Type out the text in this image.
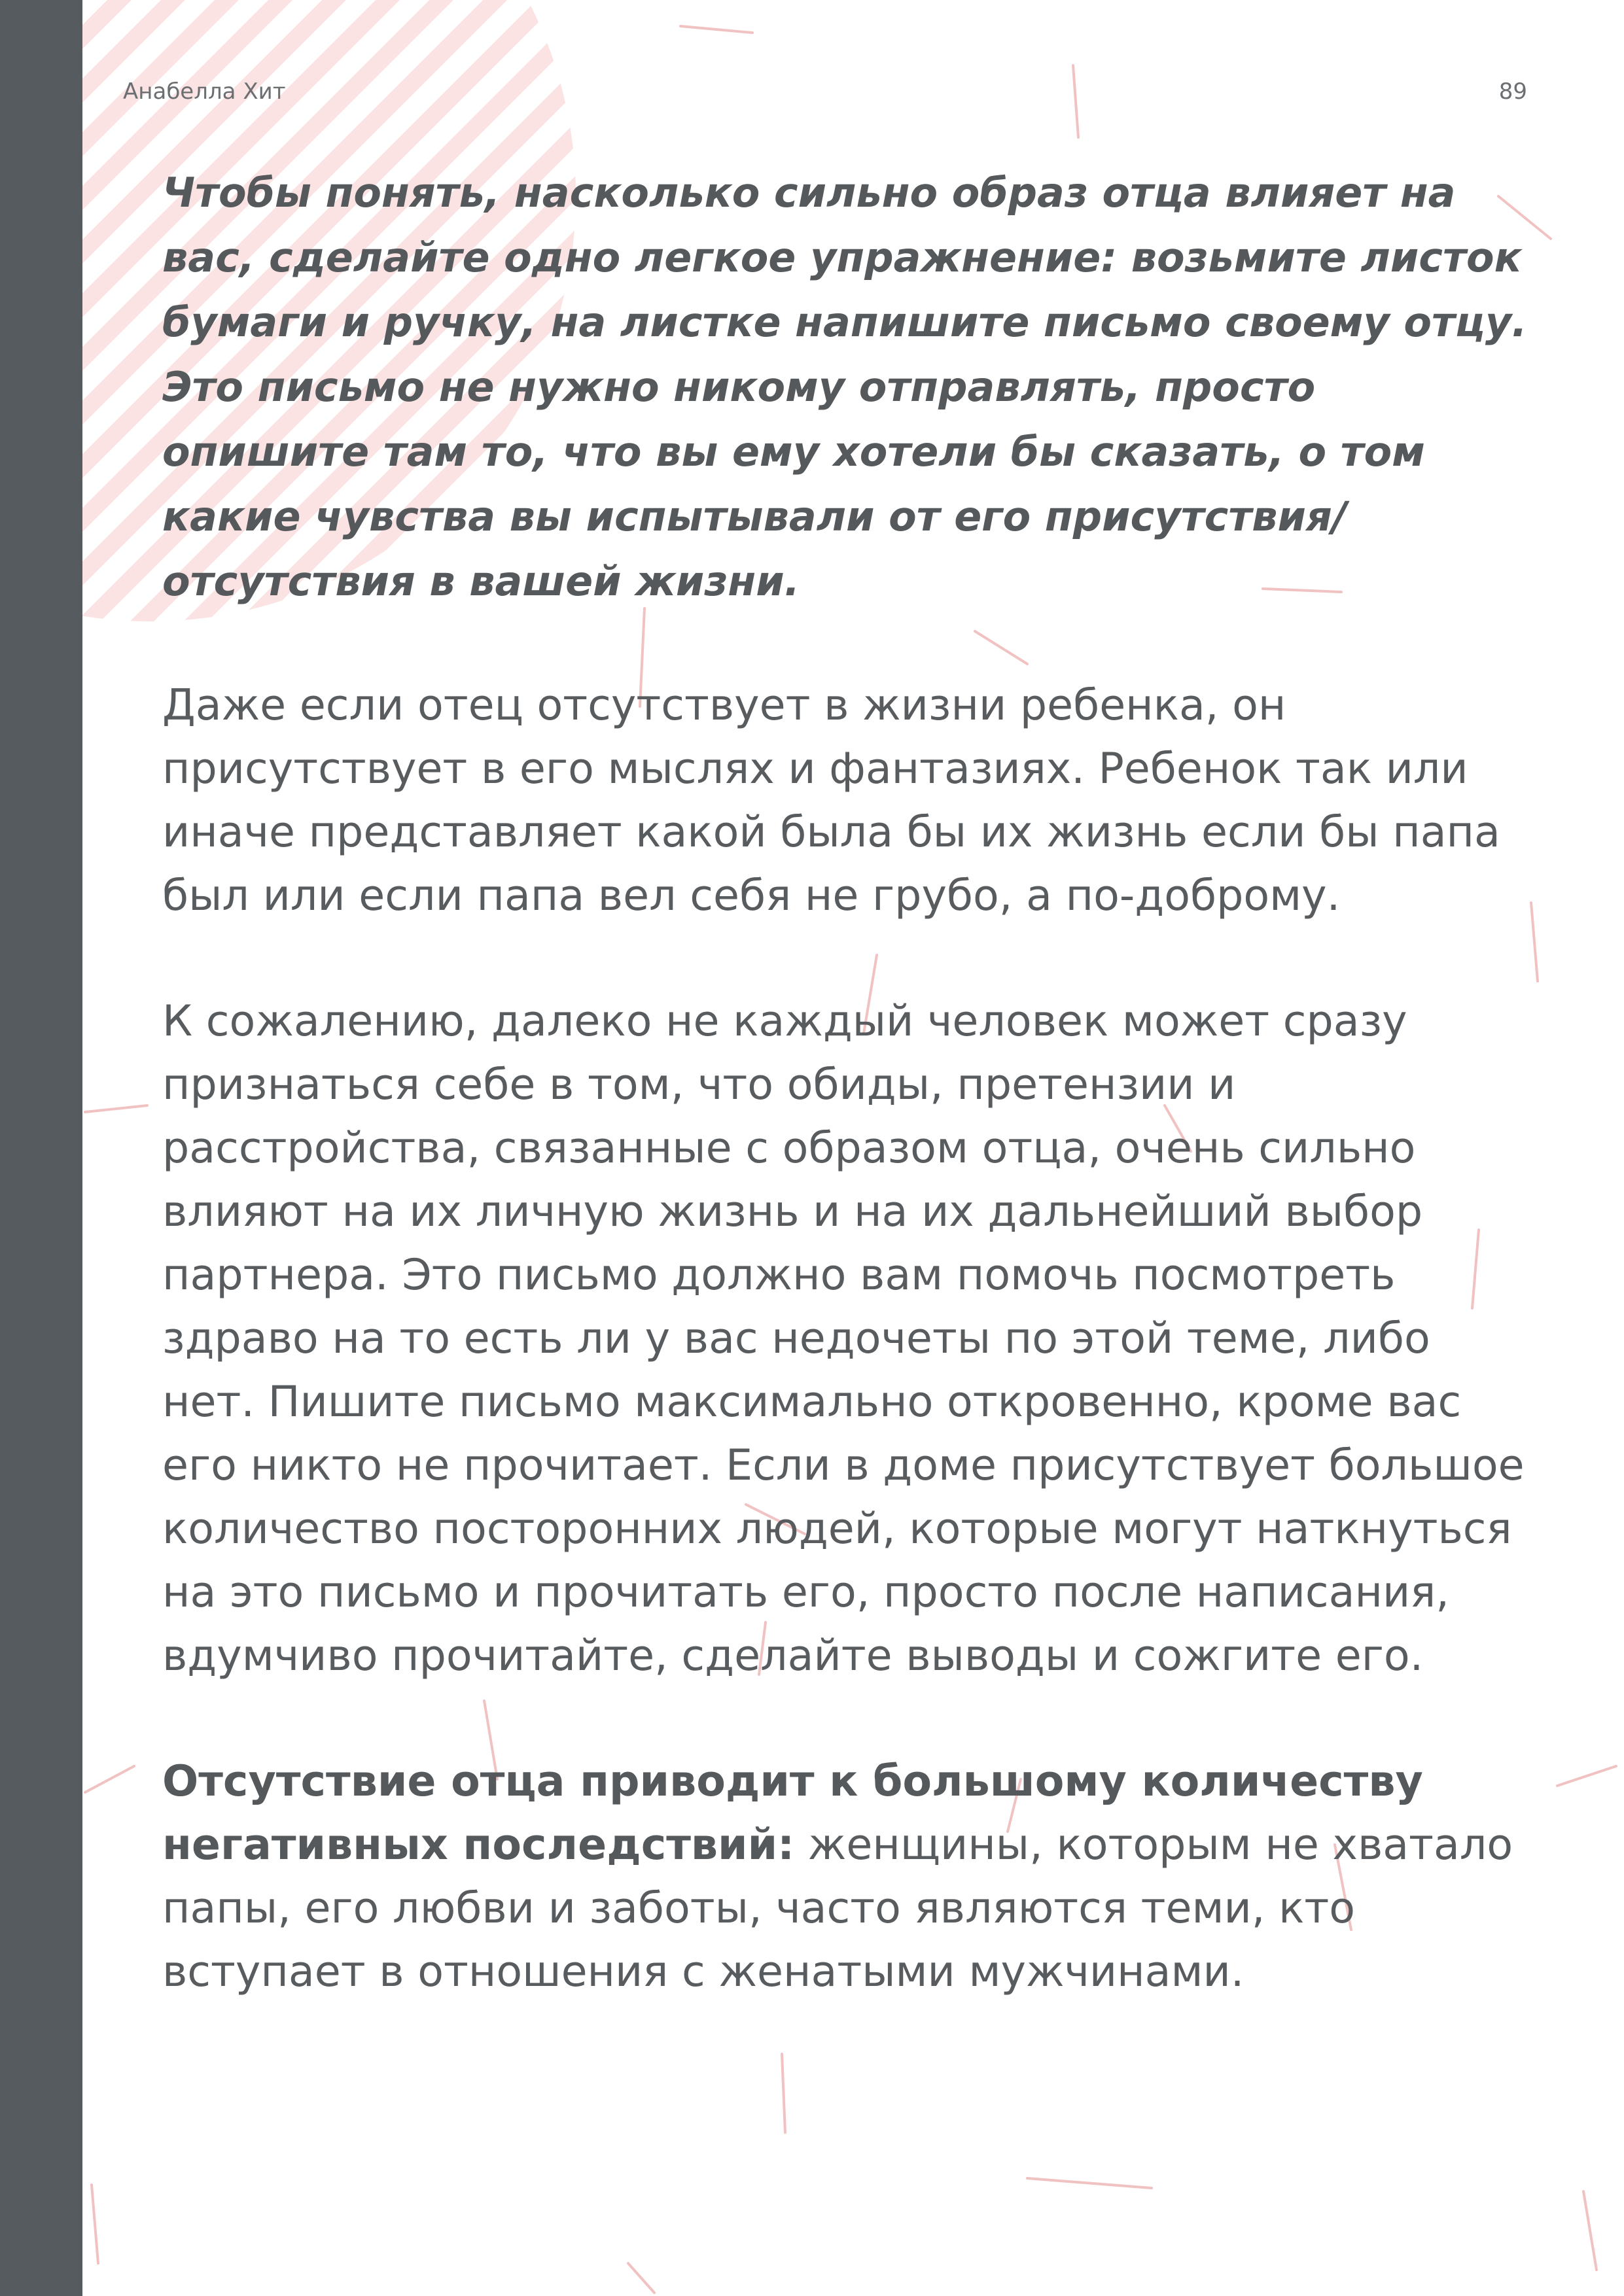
Анабелла Хит	89

Чтобы понять, насколько сильно образ отца влияет на вас, сделайте одно легкое упражнение: возьмите листок бумаги и ручку, на листке напишите письмо своему отцу. Это письмо не нужно никому отправлять, просто опишите там то, что вы ему хотели бы сказать, о том какие чувства вы испытывали от его присутствия/отсутствия в вашей жизни.

Даже если отец отсутствует в жизни ребенка, он присутствует в его мыслях и фантазиях. Ребенок так или иначе представляет какой была бы их жизнь если бы папа был или если папа вел себя не грубо, а по-доброму.

К сожалению, далеко не каждый человек может сразу признаться себе в том, что обиды, претензии и расстройства, связанные с образом отца, очень сильно влияют на их личную жизнь и на их дальнейший выбор партнера. Это письмо должно вам помочь посмотреть здраво на то есть ли у вас недочеты по этой теме, либо нет. Пишите письмо максимально откровенно, кроме вас его никто не прочитает. Если в доме присутствует большое количество посторонних людей, которые могут наткнуться на это письмо и прочитать его, просто после написания, вдумчиво прочитайте, сделайте выводы и сожгите его.

Отсутствие отца приводит к большому количеству негативных последствий: женщины, которым не хватало папы, его любви и заботы, часто являются теми, кто вступает в отношения с женатыми мужчинами.
